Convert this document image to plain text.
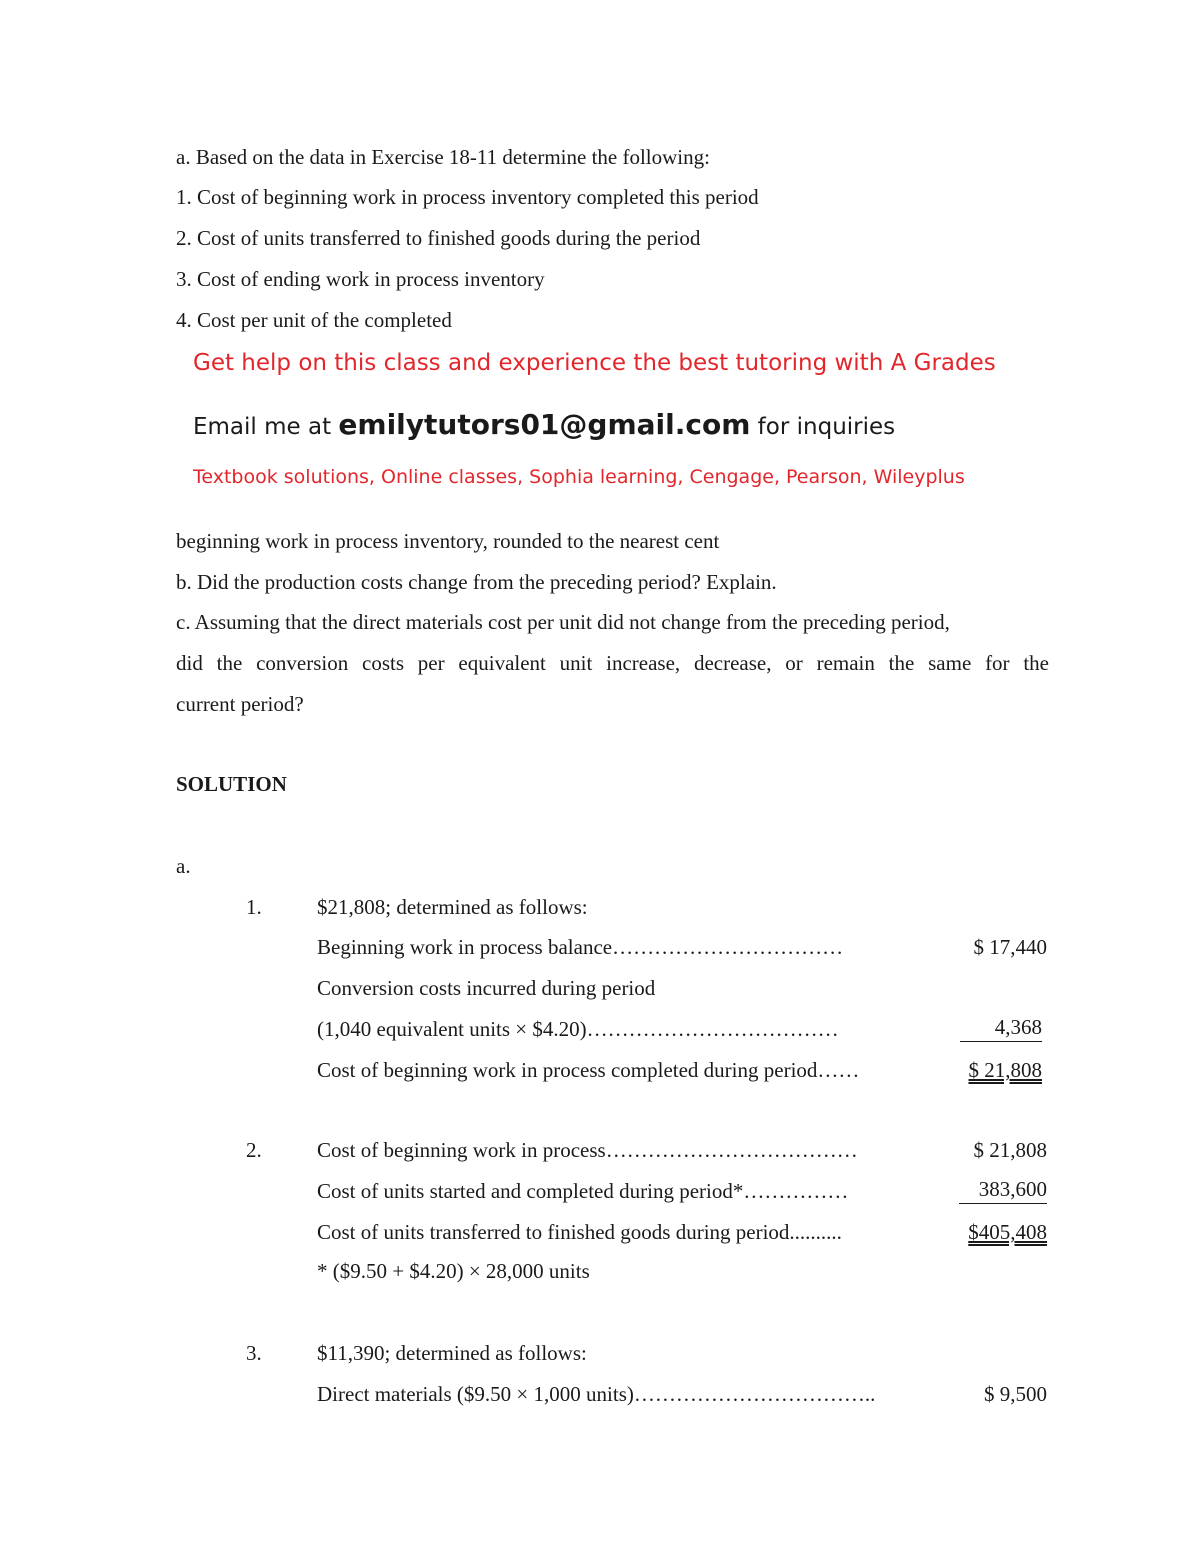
a. Based on the data in Exercise 18-11 determine the following:
1. Cost of beginning work in process inventory completed this period
2. Cost of units transferred to finished goods during the period
3. Cost of ending work in process inventory
4. Cost per unit of the completed
Get help on this class and experience the best tutoring with A Grades
Email me at emilytutors01@gmail.com for inquiries
Textbook solutions, Online classes, Sophia learning, Cengage, Pearson, Wileyplus
beginning work in process inventory, rounded to the nearest cent
b. Did the production costs change from the preceding period? Explain.
c. Assuming that the direct materials cost per unit did not change from the preceding period,
did the conversion costs per equivalent unit increase, decrease, or remain the same for the
current period?
SOLUTION
a.
1.	$21,808; determined as follows:
Beginning work in process balance……………………………	$ 17,440
Conversion costs incurred during period
(1,040 equivalent units × $4.20)………………………………	4,368
Cost of beginning work in process completed during period……	$ 21,808
2.	Cost of beginning work in process………………………………	$ 21,808
Cost of units started and completed during period*……………	383,600
Cost of units transferred to finished goods during period..........	$405,408
* ($9.50 + $4.20) × 28,000 units
3.	$11,390; determined as follows:
Direct materials ($9.50 × 1,000 units)……………………………..	$ 9,500
